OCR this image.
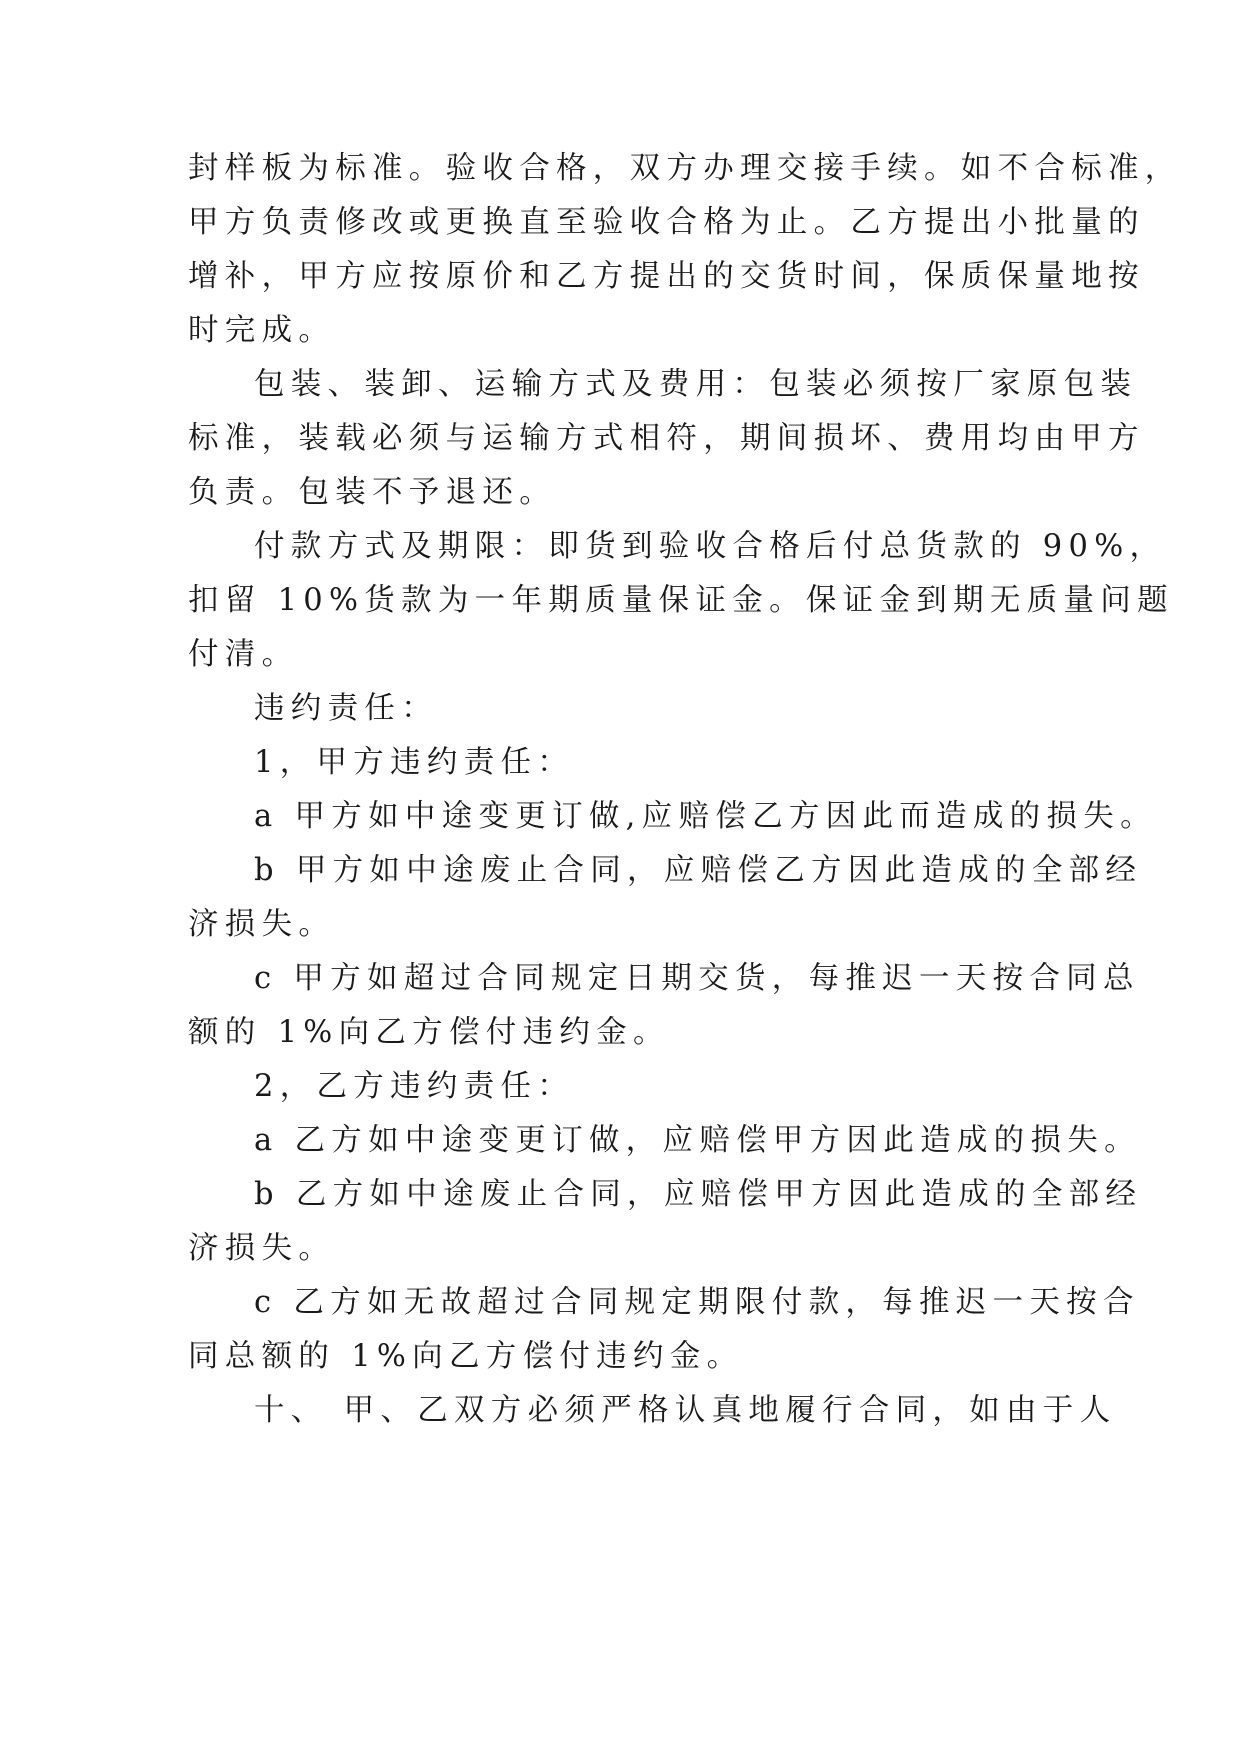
封样板为标准。验收合格，双方办理交接手续。如不合标准，

甲方负责修改或更换直至验收合格为止。乙方提出小批量的

增补，甲方应按原价和乙方提出的交货时间，保质保量地按

时完成。

包装、装卸、运输方式及费用：包装必须按厂家原包装

标准，装载必须与运输方式相符，期间损坏、费用均由甲方

负责。包装不予退还。

付款方式及期限：即货到验收合格后付总货款的 90%，

扣留 10%货款为一年期质量保证金。保证金到期无质量问题

付清。

违约责任：

1，甲方违约责任：

a 甲方如中途变更订做,应赔偿乙方因此而造成的损失。

b 甲方如中途废止合同，应赔偿乙方因此造成的全部经

济损失。

c 甲方如超过合同规定日期交货，每推迟一天按合同总

额的 1%向乙方偿付违约金。

2，乙方违约责任：

a 乙方如中途变更订做，应赔偿甲方因此造成的损失。

b 乙方如中途废止合同，应赔偿甲方因此造成的全部经

济损失。

c 乙方如无故超过合同规定期限付款，每推迟一天按合

同总额的 1%向乙方偿付违约金。

十、 甲、乙双方必须严格认真地履行合同，如由于人
